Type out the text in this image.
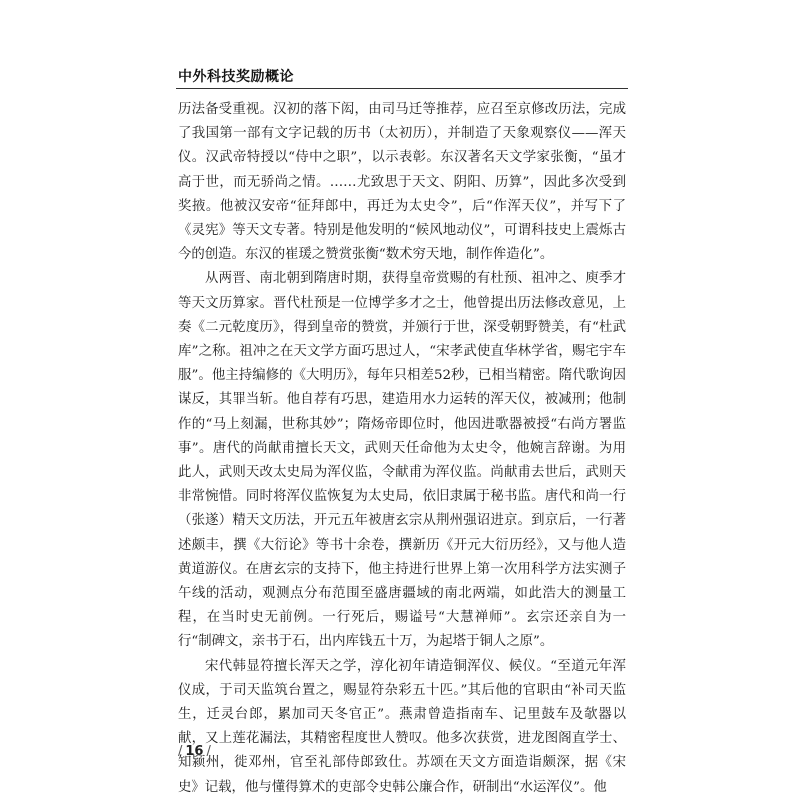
中外科技奖励概论

历法备受重视。汉初的落下闳，由司马迁等推荐，应召至京修改历法，完成了我国第一部有文字记载的历书（太初历），并制造了天象观察仪——浑天仪。汉武帝特授以“侍中之职”，以示表彰。东汉著名天文学家张衡，“虽才高于世，而无骄尚之情。……尤致思于天文、阴阳、历算”，因此多次受到奖掖。他被汉安帝“征拜郎中，再迁为太史令”，后“作浑天仪”，并写下了《灵宪》等天文专著。特别是他发明的“候风地动仪”，可谓科技史上震烁古今的创造。东汉的崔瑗之赞赏张衡“数术穷天地，制作侔造化”。

从两晋、南北朝到隋唐时期，获得皇帝赏赐的有杜预、祖冲之、庾季才等天文历算家。晋代杜预是一位博学多才之士，他曾提出历法修改意见，上奏《二元乾度历》，得到皇帝的赞赏，并颁行于世，深受朝野赞美，有“杜武库”之称。祖冲之在天文学方面巧思过人，“宋孝武使直华林学省，赐宅宇车服”。他主持编修的《大明历》，每年只相差52秒，已相当精密。隋代歌询因谋反，其罪当斩。他自荐有巧思，建造用水力运转的浑天仪，被减刑；他制作的“马上刻漏，世称其妙”；隋炀帝即位时，他因进歌器被授“右尚方署监事”。唐代的尚献甫擅长天文，武则天任命他为太史令，他婉言辞谢。为用此人，武则天改太史局为浑仪监，令献甫为浑仪监。尚献甫去世后，武则天非常惋惜。同时将浑仪监恢复为太史局，依旧隶属于秘书监。唐代和尚一行（张遂）精天文历法，开元五年被唐玄宗从荆州强诏进京。到京后，一行著述颇丰，撰《大衍论》等书十余卷，撰新历《开元大衍历经》，又与他人造黄道游仪。在唐玄宗的支持下，他主持进行世界上第一次用科学方法实测子午线的活动，观测点分布范围至盛唐疆域的南北两端，如此浩大的测量工程，在当时史无前例。一行死后，赐谥号“大慧禅师”。玄宗还亲自为一行“制碑文，亲书于石，出内库钱五十万，为起塔于铜人之原”。

宋代韩显符擅长浑天之学，淳化初年请造铜浑仪、候仪。“至道元年浑仪成，于司天监筑台置之，赐显符杂彩五十匹。”其后他的官职由“补司天监生，迁灵台郎，累加司天冬官正”。燕肃曾造指南车、记里鼓车及欹器以献，又上莲花漏法，其精密程度世人赞叹。他多次获赏，进龙图阁直学士、知颍州，徙邓州，官至礼部侍郎致仕。苏颂在天文方面造诣颇深，据《宋史》记载，他与懂得算术的吏部令史韩公廉合作，研制出“水运浑仪”。他

/ 16 /
